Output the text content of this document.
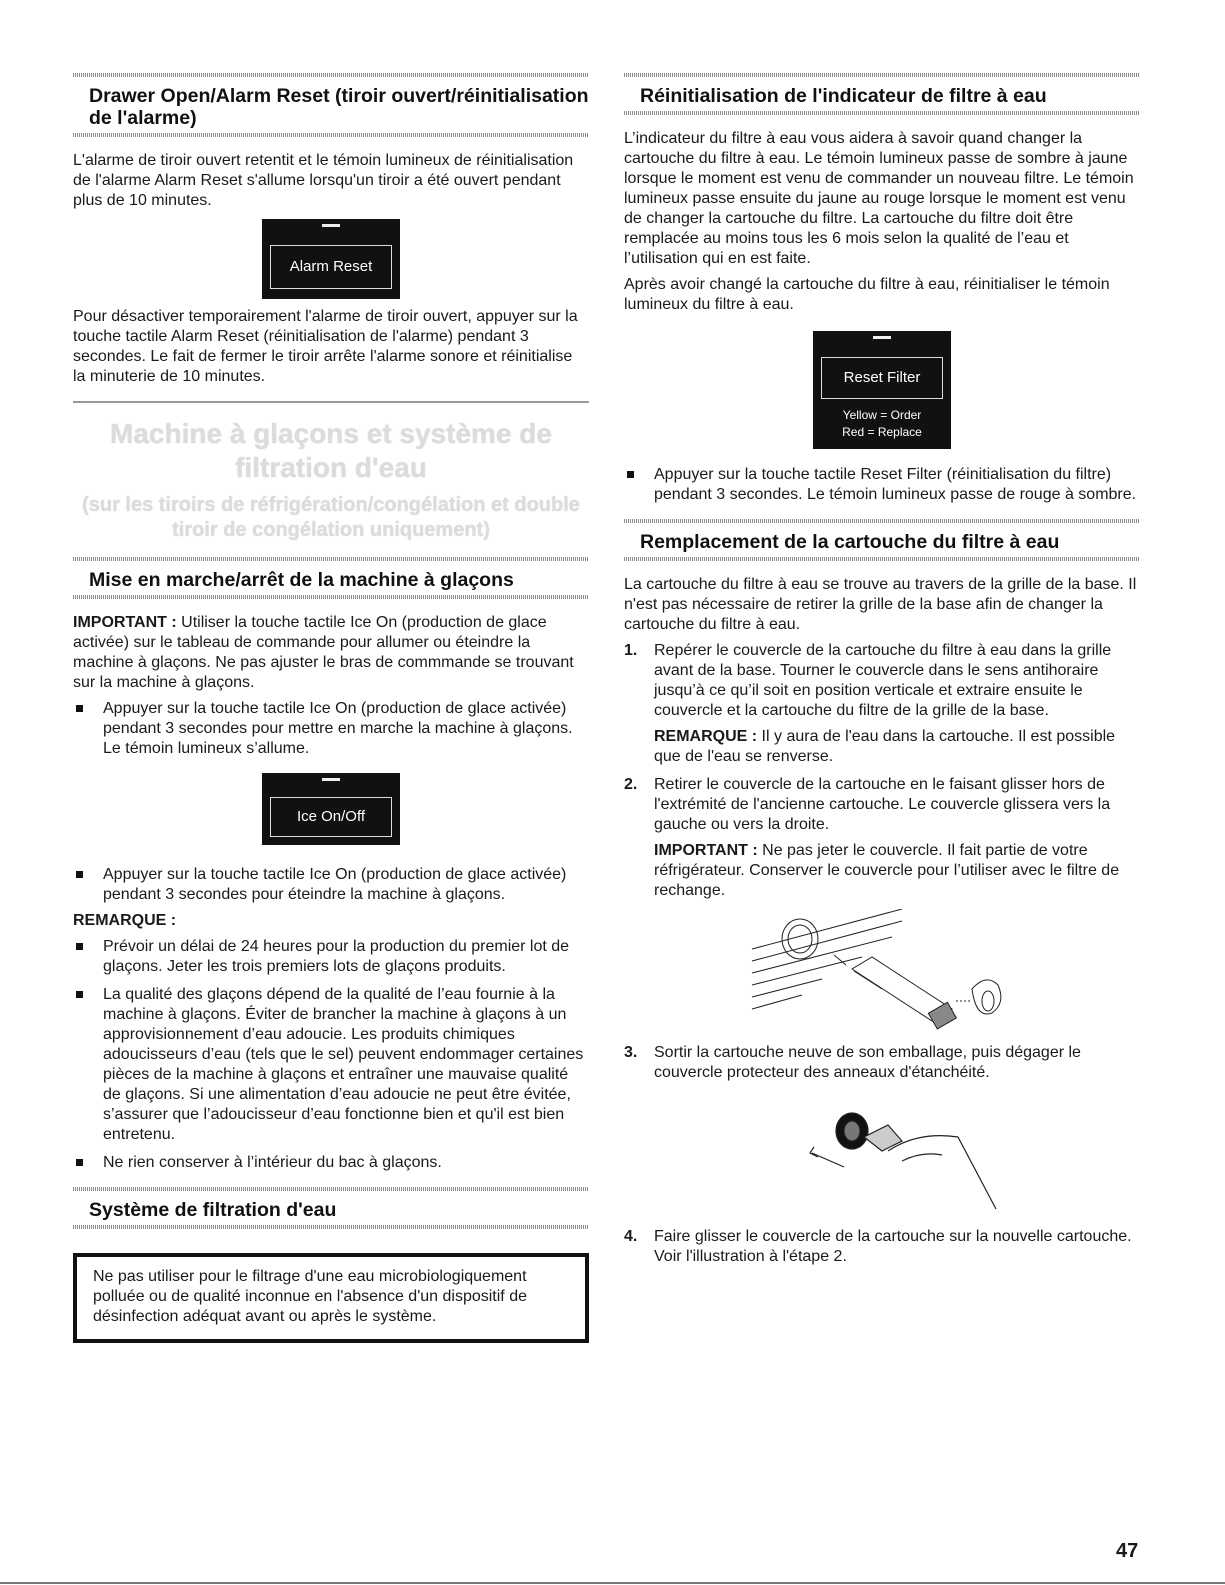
Drawer Open/Alarm Reset (tiroir ouvert/réinitialisation de l'alarme)

L'alarme de tiroir ouvert retentit et le témoin lumineux de réinitialisation de l'alarme Alarm Reset s'allume lorsqu'un tiroir a été ouvert pendant plus de 10 minutes.

Alarm Reset

Pour désactiver temporairement l'alarme de tiroir ouvert, appuyer sur la touche tactile Alarm Reset (réinitialisation de l'alarme) pendant 3 secondes. Le fait de fermer le tiroir arrête l'alarme sonore et réinitialise la minuterie de 10 minutes.

Machine à glaçons et système de filtration d'eau
(sur les tiroirs de réfrigération/congélation et double tiroir de congélation uniquement)
Mise en marche/arrêt de la machine à glaçons

IMPORTANT : Utiliser la touche tactile Ice On (production de glace activée) sur le tableau de commande pour allumer ou éteindre la machine à glaçons. Ne pas ajuster le bras de commmande se trouvant sur la machine à glaçons.

Appuyer sur la touche tactile Ice On (production de glace activée) pendant 3 secondes pour mettre en marche la machine à glaçons. Le témoin lumineux s’allume.
Ice On/Off
Appuyer sur la touche tactile Ice On (production de glace activée) pendant 3 secondes pour éteindre la machine à glaçons.

REMARQUE :

Prévoir un délai de 24 heures pour la production du premier lot de glaçons. Jeter les trois premiers lots de glaçons produits.
La qualité des glaçons dépend de la qualité de l’eau fournie à la machine à glaçons. Éviter de brancher la machine à glaçons à un approvisionnement d’eau adoucie. Les produits chimiques adoucisseurs d’eau (tels que le sel) peuvent endommager certaines pièces de la machine à glaçons et entraîner une mauvaise qualité de glaçons. Si une alimentation d’eau adoucie ne peut être évitée, s’assurer que l’adoucisseur d’eau fonctionne bien et qu'il est bien entretenu.
Ne rien conserver à l’intérieur du bac à glaçons.
Système de filtration d'eau
Ne pas utiliser pour le filtrage d'une eau microbiologiquement polluée ou de qualité inconnue en l'absence d'un dispositif de désinfection adéquat avant ou après le système.
Réinitialisation de l'indicateur de filtre à eau

L’indicateur du filtre à eau vous aidera à savoir quand changer la cartouche du filtre à eau. Le témoin lumineux passe de sombre à jaune lorsque le moment est venu de commander un nouveau filtre. Le témoin lumineux passe ensuite du jaune au rouge lorsque le moment est venu de changer la cartouche du filtre. La cartouche du filtre doit être remplacée au moins tous les 6 mois selon la qualité de l’eau et l’utilisation qui en est faite.

Après avoir changé la cartouche du filtre à eau, réinitialiser le témoin lumineux du filtre à eau.

Reset Filter
Yellow = Order
Red = Replace
Appuyer sur la touche tactile Reset Filter (réinitialisation du filtre) pendant 3 secondes. Le témoin lumineux passe de rouge à sombre.
Remplacement de la cartouche du filtre à eau

La cartouche du filtre à eau se trouve au travers de la grille de la base. Il n'est pas nécessaire de retirer la grille de la base afin de changer la cartouche du filtre à eau.

1. Repérer le couvercle de la cartouche du filtre à eau dans la grille avant de la base. Tourner le couvercle dans le sens antihoraire jusqu’à ce qu’il soit en position verticale et extraire ensuite le couvercle et la cartouche du filtre de la grille de la base.

REMARQUE : Il y aura de l'eau dans la cartouche. Il est possible que de l'eau se renverse.

2. Retirer le couvercle de la cartouche en le faisant glisser hors de l'extrémité de l'ancienne cartouche. Le couvercle glissera vers la gauche ou vers la droite.

IMPORTANT : Ne pas jeter le couvercle. Il fait partie de votre réfrigérateur. Conserver le couvercle pour l’utiliser avec le filtre de rechange.

3. Sortir la cartouche neuve de son emballage, puis dégager le couvercle protecteur des anneaux d'étanchéité.

4. Faire glisser le couvercle de la cartouche sur la nouvelle cartouche. Voir l'illustration à l'étape 2.

47
